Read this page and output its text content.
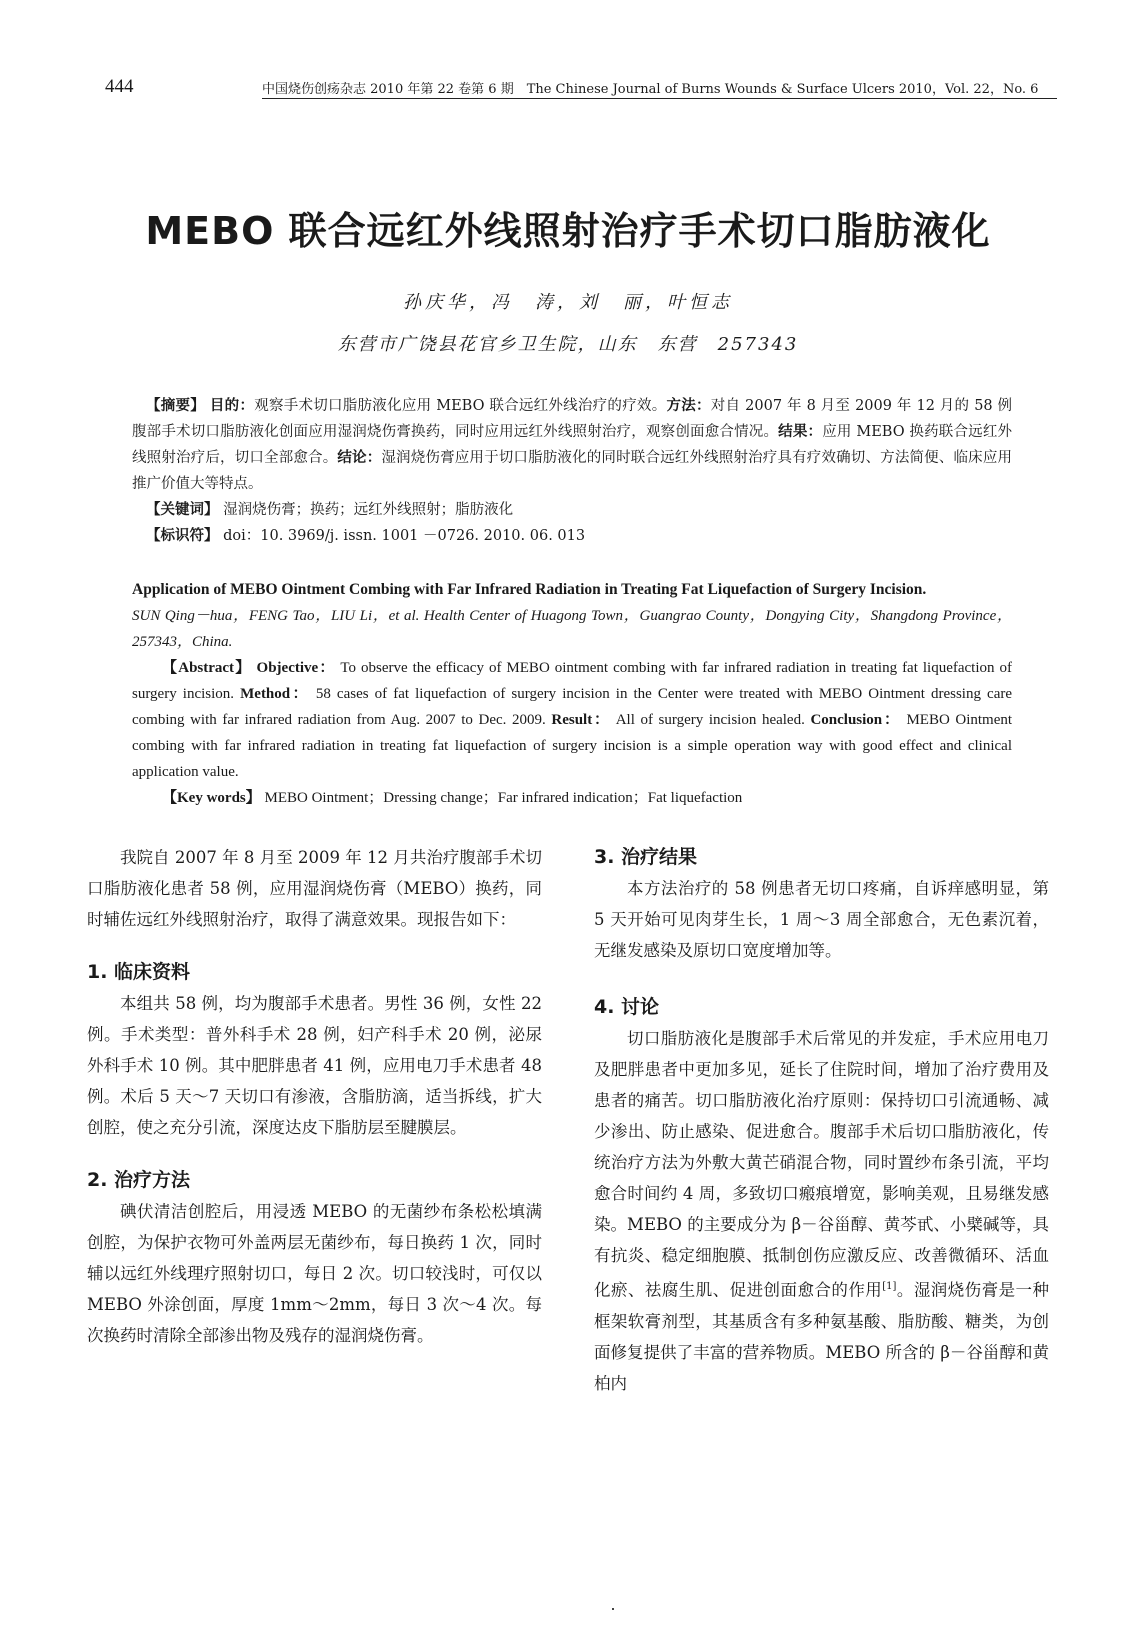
444	中国烧伤创疡杂志 2010 年第 22 卷第 6 期　The Chinese Journal of Burns Wounds & Surface Ulcers 2010，Vol. 22，No. 6
MEBO 联合远红外线照射治疗手术切口脂肪液化
孙庆华，冯　涛，刘　丽，叶恒志
东营市广饶县花官乡卫生院，山东　东营　257343

【摘要】 目的：观察手术切口脂肪液化应用 MEBO 联合远红外线治疗的疗效。方法：对自 2007 年 8 月至 2009 年 12 月的 58 例腹部手术切口脂肪液化创面应用湿润烧伤膏换药，同时应用远红外线照射治疗，观察创面愈合情况。结果：应用 MEBO 换药联合远红外线照射治疗后，切口全部愈合。结论：湿润烧伤膏应用于切口脂肪液化的同时联合远红外线照射治疗具有疗效确切、方法简便、临床应用推广价值大等特点。

【关键词】 湿润烧伤膏；换药；远红外线照射；脂肪液化
【标识符】 doi：10. 3969/j. issn. 1001 －0726. 2010. 06. 013

Application of MEBO Ointment Combing with Far Infrared Radiation in Treating Fat Liquefaction of Surgery Incision.

SUN Qing－hua，FENG Tao，LIU Li，et al. Health Center of Huagong Town，Guangrao County，Dongying City，Shangdong Province，257343，China.

【Abstract】 Objective： To observe the efficacy of MEBO ointment combing with far infrared radiation in treating fat liquefaction of surgery incision. Method： 58 cases of fat liquefaction of surgery incision in the Center were treated with MEBO Ointment dressing care combing with far infrared radiation from Aug. 2007 to Dec. 2009. Result： All of surgery incision healed. Conclusion： MEBO Ointment combing with far infrared radiation in treating fat liquefaction of surgery incision is a simple operation way with good effect and clinical application value.

【Key words】 MEBO Ointment；Dressing change；Far infrared indication；Fat liquefaction

我院自 2007 年 8 月至 2009 年 12 月共治疗腹部手术切口脂肪液化患者 58 例，应用湿润烧伤膏（MEBO）换药，同时辅佐远红外线照射治疗，取得了满意效果。现报告如下：

1. 临床资料

本组共 58 例，均为腹部手术患者。男性 36 例，女性 22 例。手术类型：普外科手术 28 例，妇产科手术 20 例，泌尿外科手术 10 例。其中肥胖患者 41 例，应用电刀手术患者 48 例。术后 5 天～7 天切口有渗液，含脂肪滴，适当拆线，扩大创腔，使之充分引流，深度达皮下脂肪层至腱膜层。

2. 治疗方法

碘伏清洁创腔后，用浸透 MEBO 的无菌纱布条松松填满创腔，为保护衣物可外盖两层无菌纱布，每日换药 1 次，同时辅以远红外线理疗照射切口，每日 2 次。切口较浅时，可仅以 MEBO 外涂创面，厚度 1mm～2mm，每日 3 次～4 次。每次换药时清除全部渗出物及残存的湿润烧伤膏。

3. 治疗结果

本方法治疗的 58 例患者无切口疼痛，自诉痒感明显，第 5 天开始可见肉芽生长，1 周～3 周全部愈合，无色素沉着，无继发感染及原切口宽度增加等。

4. 讨论

切口脂肪液化是腹部手术后常见的并发症，手术应用电刀及肥胖患者中更加多见，延长了住院时间，增加了治疗费用及患者的痛苦。切口脂肪液化治疗原则：保持切口引流通畅、减少渗出、防止感染、促进愈合。腹部手术后切口脂肪液化，传统治疗方法为外敷大黄芒硝混合物，同时置纱布条引流，平均愈合时间约 4 周，多致切口瘢痕增宽，影响美观，且易继发感染。MEBO 的主要成分为 β－谷甾醇、黄芩甙、小檗碱等，具有抗炎、稳定细胞膜、抵制创伤应激反应、改善微循环、活血化瘀、祛腐生肌、促进创面愈合的作用[1]。湿润烧伤膏是一种框架软膏剂型，其基质含有多种氨基酸、脂肪酸、糖类，为创面修复提供了丰富的营养物质。MEBO 所含的 β－谷甾醇和黄柏内
